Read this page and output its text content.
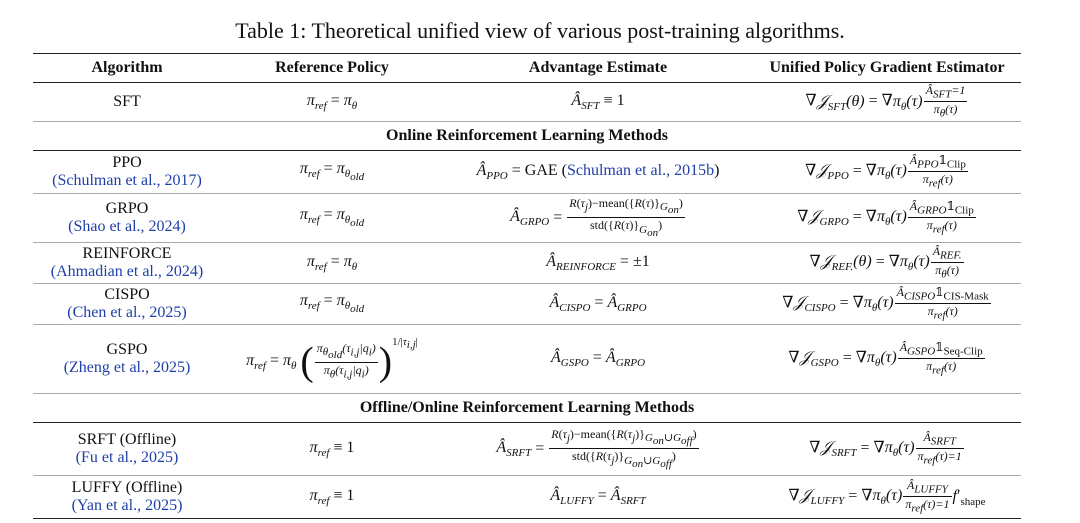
Table 1: Theoretical unified view of various post-training algorithms.
Algorithm	Reference Policy	Advantage Estimate	Unified Policy Gradient Estimator
SFT	$\pi_{ref} = \pi_\theta$	$Â_{SFT} \equiv 1$	∇𝒥$_{SFT}$(θ) = $\nabla\pi_\theta(\tau) \frac{Â_{SFT}=1}{\pi_\theta(\tau)}$

Online Reinforcement Learning Methods			
PPO
(Schulman et al., 2017)	$\pi_{ref} = \pi_{\theta_{old}}$	$Â_{PPO}$ = GAE (Schulman et al., 2015b)	∇𝒥$_{PPO}$ = $\nabla\pi_\theta(\tau) \frac{Â_{PPO}𝟙_{Clip}}{\pi_{ref}(\tau)}$

GRPO
(Shao et al., 2024)	$\pi_{ref} = \pi_{\theta_{old}}$	$Â_{GRPO} = \frac{R(\tau_j)-mean(\{R(\tau)\}_{G_{on}})}{std(\{R(\tau)\}_{G_{on}})}$	∇𝒥$_{GRPO}$ = $\nabla\pi_\theta(\tau) \frac{Â_{GRPO}𝟙_{Clip}}{\pi_{ref}(\tau)}$

REINFORCE
(Ahmadian et al., 2024)	$\pi_{ref} = \pi_\theta$	$Â_{REINFORCE} = \pm 1$	∇𝒥$_{REF.}$(θ) = $\nabla\pi_\theta(\tau) \frac{Â_{REF.}}{\pi_\theta(\tau)}$

CISPO
(Chen et al., 2025)	$\pi_{ref} = \pi_{\theta_{old}}$	$Â_{CISPO}$ = $Â_{GRPO}$	∇𝒥$_{CISPO}$ = $\nabla\pi_\theta(\tau) \frac{Â_{CISPO}𝟙_{CIS-Mask}}{\pi_{ref}(\tau)}$

GSPO
(Zheng et al., 2025)	$\pi_{ref} = \pi_\theta$ ( $\frac{\pi_{\theta_{old}}(\tau_{i,j}|q_i)}{\pi_\theta(\tau_{i,j}|q_i)} )^{1/|\tau_{i,j}|}$	$Â_{GSPO}$ = $Â_{GRPO}$	∇𝒥$_{GSPO}$ = $\nabla\pi_\theta(\tau) \frac{Â_{GSPO}𝟙_{Seq-Clip}}{\pi_{ref}(\tau)}$

Offline/Online Reinforcement Learning Methods			
SRFT (Offline)
(Fu et al., 2025)	$\pi_{ref} \equiv 1$	$Â_{SRFT} = \frac{R(\tau_j)-mean(\{R(\tau_j)\}_{G_{on}\cup G_{off}})}{std(\{R(\tau_j)\}_{G_{on}\cup G_{off}})}$	∇𝒥$_{SRFT}$ = $\nabla\pi_\theta(\tau) \frac{Â_{SRFT}}{\pi_{ref}(\tau)=1}$

LUFFY (Offline)
(Yan et al., 2025)	$\pi_{ref} \equiv 1$	$Â_{LUFFY}$ = $Â_{SRFT}$	∇𝒥$_{LUFFY}$ = $\nabla\pi_\theta(\tau) \frac{Â_{LUFFY}}{\pi_{ref}(\tau)=1} f'_{shape}$
